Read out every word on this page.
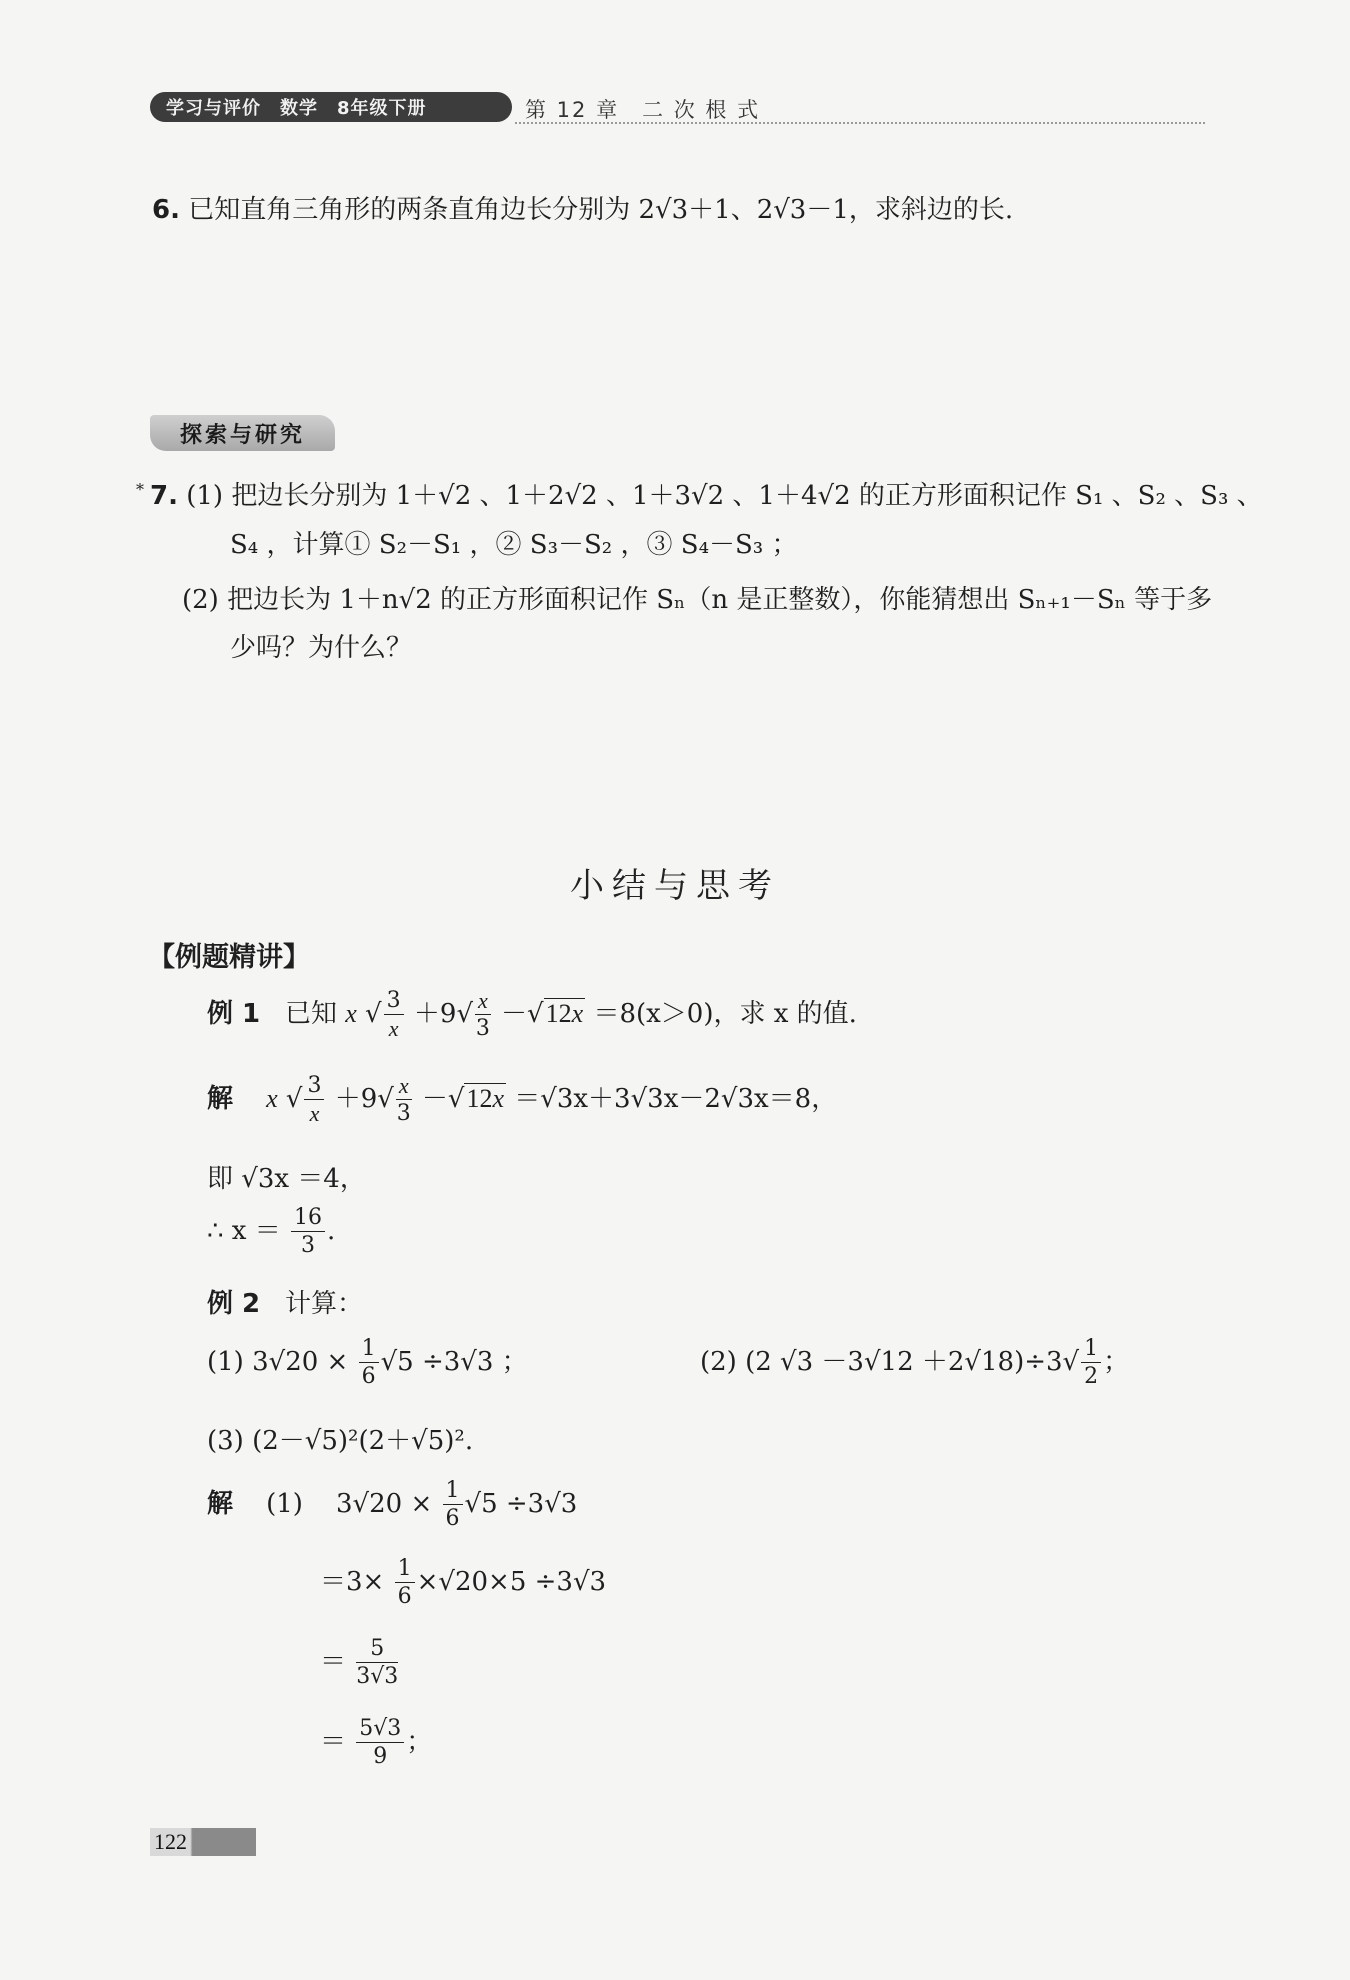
学习与评价　数学　8年级下册	第 12 章　二 次 根 式
6. 已知直角三角形的两条直角边长分别为 2√3＋1、2√3－1，求斜边的长.
探索与研究
* 7. (1) 把边长分别为 1＋√2 、1＋2√2 、1＋3√2 、1＋4√2 的正方形面积记作 S₁ 、S₂ 、S₃ 、
S₄ ，计算① S₂－S₁ ，② S₃－S₂ ，③ S₄－S₃ ；
(2) 把边长为 1＋n√2 的正方形面积记作 Sₙ（n 是正整数），你能猜想出 Sₙ₊₁－Sₙ 等于多
少吗？为什么？
小结与思考
【例题精讲】
例 1 已知 x √ $\frac{3}{x} +9√ \frac{x}{3} -√12x =8(x>0)$，求 x 的值.
解 x √ $\frac{3}{x} +9√ \frac{x}{3} -√12x =√3x+3√3x-2√3x=8$，
即 √3x ＝4，
∴ $x = \frac{16}{3}$ .
例 2 计算：
(1) $3√20 \times \frac{1}{6} √5 \div 3√3$ ；	(2) (2 $√3 -3√12 +2√18)\div 3√ \frac{1}{2}$ ；
(3) (2－√5)²(2＋√5)².
解 (1) $3√20 \times \frac{1}{6} √5 \div 3√3$
$=3\times \frac{1}{6} \times√20\times 5 \div 3√3$
＝ $\frac{5}{3√3}$
＝ $\frac{5√3}{9}$ ；
122
